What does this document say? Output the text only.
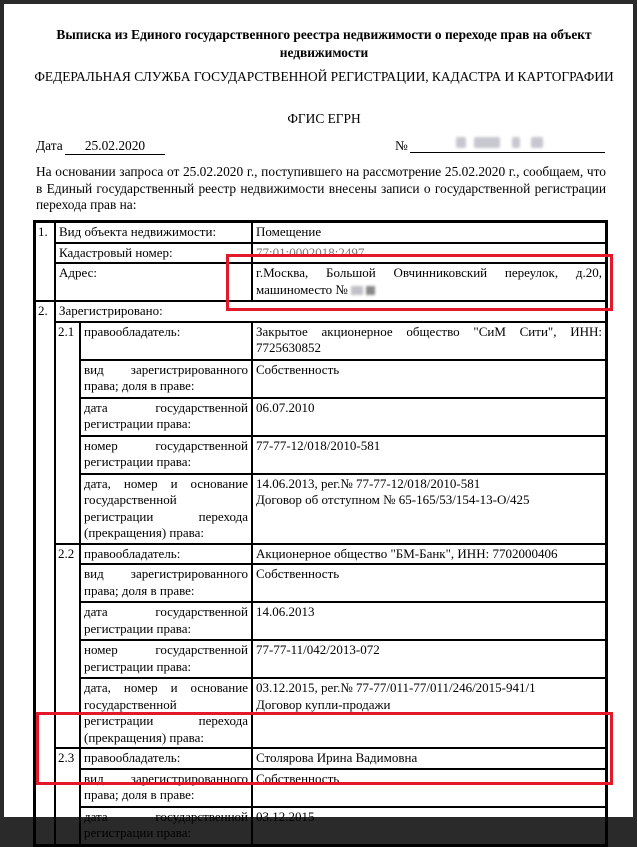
Выписка из Единого государственного реестра недвижимости о переходе прав на объект недвижимости
ФЕДЕРАЛЬНАЯ СЛУЖБА ГОСУДАРСТВЕННОЙ РЕГИСТРАЦИИ, КАДАСТРА И КАРТОГРАФИИ
ФГИС ЕГРН
Дата	25.02.2020	№
На основании запроса от 25.02.2020 г., поступившего на рассмотрение 25.02.2020 г., сообщаем, что в Единый государственный реестр недвижимости внесены записи о государственной регистрации перехода прав на:
1.	Вид объекта недвижимости:		Помещение
	Кадастровый номер:		77:01:0002018:2497
	Адрес:		г.Москва, Большой Овчинниковский переулок, д.20,
машиноместо №

2.	Зарегистрировано:		
	2.1	правообладатель:	Закрытое акционерное общество "СиМ Сити", ИНН: 7725630852
		вид зарегистрированного права; доля в праве:	Собственность
		дата государственной регистрации права:	06.07.2010
		номер государственной регистрации права:	77-77-12/018/2010-581
		дата, номер и основание государственной регистрации перехода (прекращения) права:	14.06.2013, рег.№ 77-77-12/018/2010-581
Договор об отступном № 65-165/53/154-13-О/425

	2.2	правообладатель:	Акционерное общество "БМ-Банк", ИНН: 7702000406
		вид зарегистрированного права; доля в праве:	Собственность
		дата государственной регистрации права:	14.06.2013
		номер государственной регистрации права:	77-77-11/042/2013-072
		дата, номер и основание государственной регистрации перехода (прекращения) права:	03.12.2015, рег.№ 77-77/011-77/011/246/2015-941/1
Договор купли-продажи

	2.3	правообладатель:	Столярова Ирина Вадимовна
		вид зарегистрированного права; доля в праве:	Собственность
		дата государственной регистрации права:	03.12.2015
